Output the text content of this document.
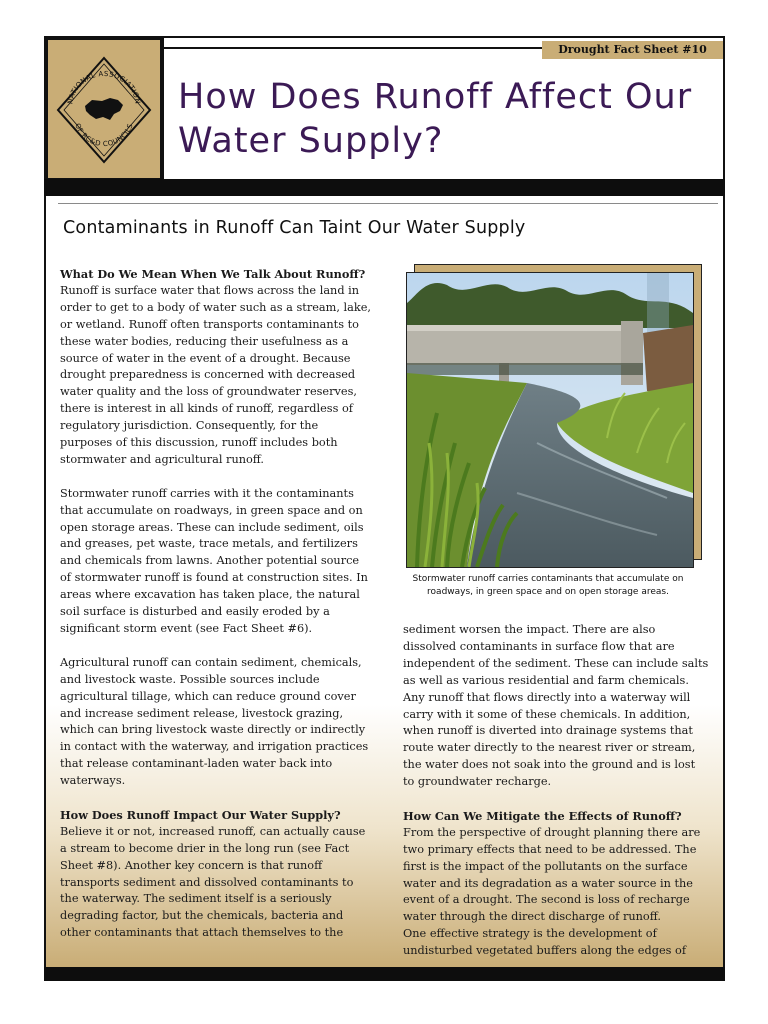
NATIONAL ASSOCIATION
OF RC&D COUNCILS
Drought Fact Sheet #10
How Does Runoff Affect Our Water Supply?
Contaminants in Runoff Can Taint Our Water Supply
What Do We Mean When We Talk About Runoff?

Runoff is surface water that flows across the land in order to get to a body of water such as a stream, lake, or wetland. Runoff often transports contaminants to these water bodies, reducing their usefulness as a source of water in the event of a drought. Because drought preparedness is concerned with decreased water quality and the loss of groundwater reserves, there is interest in all kinds of runoff, regardless of regulatory jurisdiction. Consequently, for the purposes of this discussion, runoff includes both stormwater and agricultural runoff.

Stormwater runoff carries with it the contaminants that accumulate on roadways, in green space and on open storage areas. These can include sediment, oils and greases, pet waste, trace metals, and fertilizers and chemicals from lawns. Another potential source of stormwater runoff is found at construction sites. In areas where excavation has taken place, the natural soil surface is disturbed and easily eroded by a significant storm event (see Fact Sheet #6).

Agricultural runoff can contain sediment, chemicals, and livestock waste. Possible sources include agricultural tillage, which can reduce ground cover and increase sediment release, livestock grazing, which can bring livestock waste directly or indirectly in contact with the waterway, and irrigation practices that release contaminant-laden water back into waterways.

How Does Runoff Impact Our Water Supply?

Believe it or not, increased runoff, can actually cause a stream to become drier in the long run (see Fact Sheet #8). Another key concern is that runoff transports sediment and dissolved contaminants to the waterway. The sediment itself is a seriously degrading factor, but the chemicals, bacteria and other contaminants that attach themselves to the

Stormwater runoff carries contaminants that accumulate on roadways, in green space and on open storage areas.

sediment worsen the impact. There are also dissolved contaminants in surface flow that are independent of the sediment. These can include salts as well as various residential and farm chemicals. Any runoff that flows directly into a waterway will carry with it some of these chemicals. In addition, when runoff is diverted into drainage systems that route water directly to the nearest river or stream, the water does not soak into the ground and is lost to groundwater recharge.

How Can We Mitigate the Effects of Runoff?

From the perspective of drought planning there are two primary effects that need to be addressed. The first is the impact of the pollutants on the surface water and its degradation as a water source in the event of a drought. The second is loss of recharge water through the direct discharge of runoff.

One effective strategy is the development of undisturbed vegetated buffers along the edges of
